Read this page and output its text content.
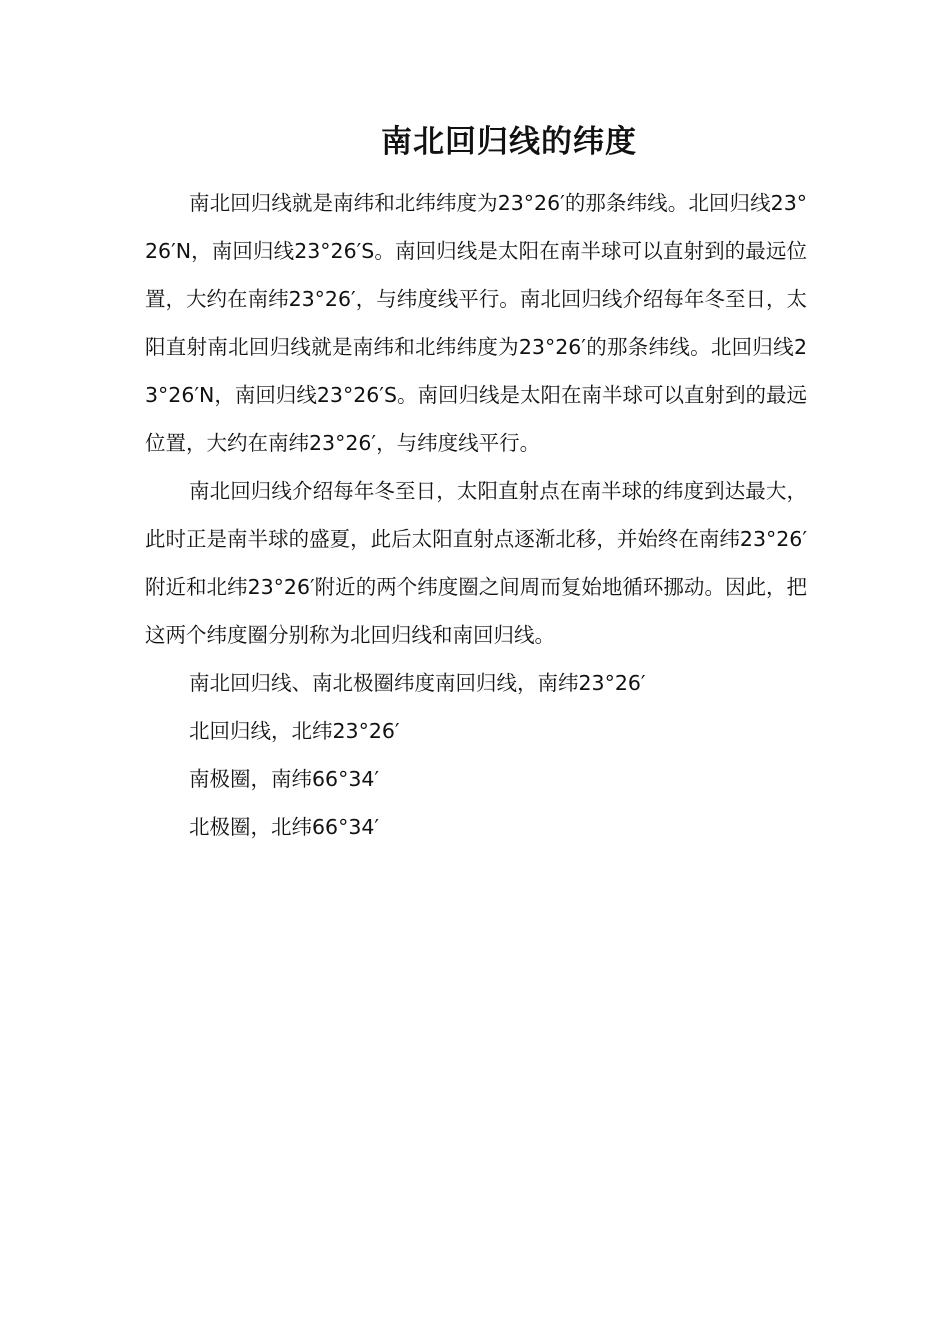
南北回归线的纬度

南北回归线就是南纬和北纬纬度为23°26′的那条纬线。北回归线23°26′N，南回归线23°26′S。南回归线是太阳在南半球可以直射到的最远位置，大约在南纬23°26′，与纬度线平行。南北回归线介绍每年冬至日，太阳直射南北回归线就是南纬和北纬纬度为23°26′的那条纬线。北回归线23°26′N，南回归线23°26′S。南回归线是太阳在南半球可以直射到的最远位置，大约在南纬23°26′，与纬度线平行。

南北回归线介绍每年冬至日，太阳直射点在南半球的纬度到达最大，此时正是南半球的盛夏，此后太阳直射点逐渐北移，并始终在南纬23°26′附近和北纬23°26′附近的两个纬度圈之间周而复始地循环挪动。因此，把这两个纬度圈分别称为北回归线和南回归线。

南北回归线、南北极圈纬度南回归线，南纬23°26′

北回归线，北纬23°26′

南极圈，南纬66°34′

北极圈，北纬66°34′
